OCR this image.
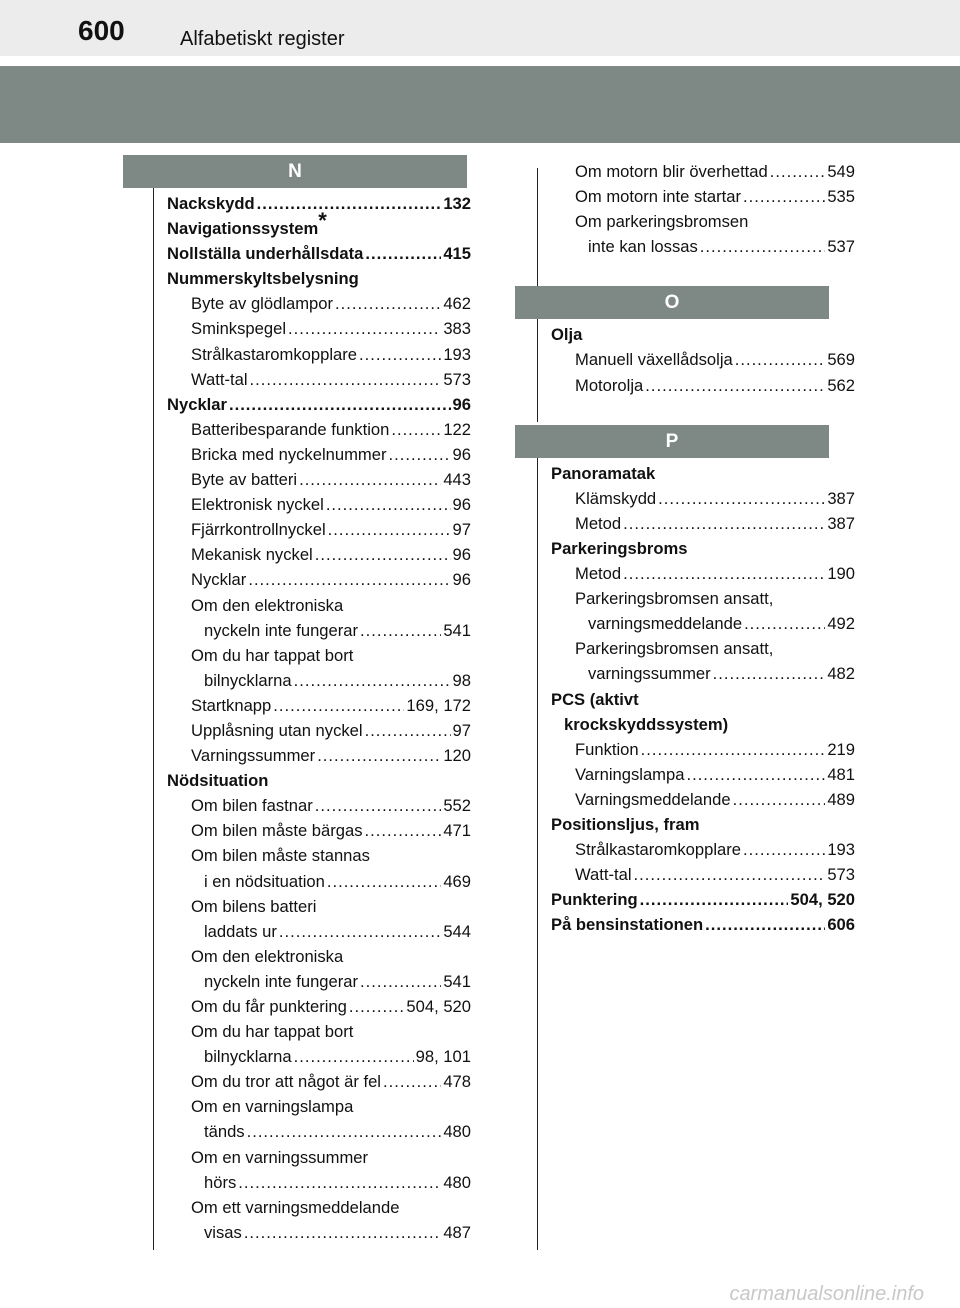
600	Alfabetiskt register
N
Nackskydd .....	132
Navigationssystem*
Nollställa underhållsdata .....	415
Nummerskyltsbelysning
Byte av glödlampor .....	462
Sminkspegel .....	383
Strålkastaromkopplare .....	193
Watt-tal .....	573
Nycklar .....	96
Batteribesparande funktion .....	122
Bricka med nyckelnummer .....	96
Byte av batteri .....	443
Elektronisk nyckel .....	96
Fjärrkontrollnyckel .....	97
Mekanisk nyckel .....	96
Nycklar .....	96
Om den elektroniska
nyckeln inte fungerar .....	541
Om du har tappat bort
bilnycklarna .....	98
Startknapp .....	169, 172
Upplåsning utan nyckel .....	97
Varningssummer .....	120
Nödsituation
Om bilen fastnar .....	552
Om bilen måste bärgas .....	471
Om bilen måste stannas
i en nödsituation .....	469
Om bilens batteri
laddats ur .....	544
Om den elektroniska
nyckeln inte fungerar .....	541
Om du får punktering .....	504, 520
Om du har tappat bort
bilnycklarna .....	98, 101
Om du tror att något är fel .....	478
Om en varningslampa
tänds .....	480
Om en varningssummer
hörs .....	480
Om ett varningsmeddelande
visas .....	487
Om motorn blir överhettad .....	549
Om motorn inte startar .....	535
Om parkeringsbromsen
inte kan lossas .....	537
O
Olja
Manuell växellådsolja .....	569
Motorolja .....	562
P
Panoramatak
Klämskydd .....	387
Metod .....	387
Parkeringsbroms
Metod .....	190
Parkeringsbromsen ansatt,
varningsmeddelande .....	492
Parkeringsbromsen ansatt,
varningssummer .....	482
PCS (aktivt
krockskyddssystem)
Funktion .....	219
Varningslampa .....	481
Varningsmeddelande .....	489
Positionsljus, fram
Strålkastaromkopplare .....	193
Watt-tal .....	573
Punktering .....	504, 520
På bensinstationen .....	606
carmanualsonline.info
